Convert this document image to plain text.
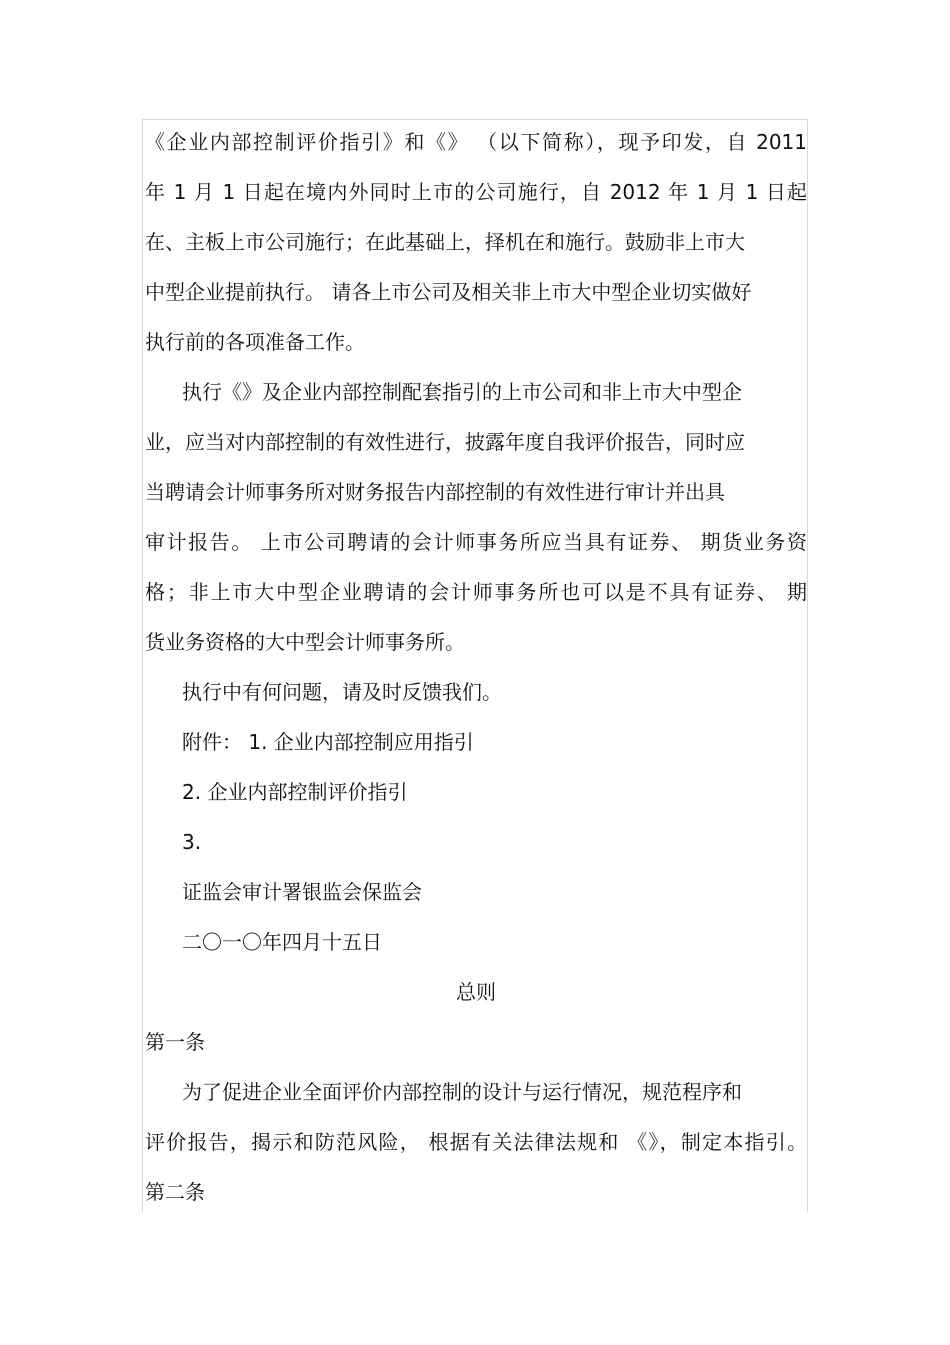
《企业内部控制评价指引》和《》 （以下简称），现予印发，自 2011
年 1 月 1 日起在境内外同时上市的公司施行，自 2012 年 1 月 1 日起
在、主板上市公司施行；在此基础上，择机在和施行。鼓励非上市大
中型企业提前执行。 请各上市公司及相关非上市大中型企业切实做好
执行前的各项准备工作。
执行《》及企业内部控制配套指引的上市公司和非上市大中型企
业，应当对内部控制的有效性进行，披露年度自我评价报告，同时应
当聘请会计师事务所对财务报告内部控制的有效性进行审计并出具
审计报告。 上市公司聘请的会计师事务所应当具有证券、 期货业务资
格；非上市大中型企业聘请的会计师事务所也可以是不具有证券、 期
货业务资格的大中型会计师事务所。
执行中有何问题，请及时反馈我们。
附件： 1. 企业内部控制应用指引
2. 企业内部控制评价指引
3.
证监会审计署银监会保监会
二〇一〇年四月十五日
总则
第一条
为了促进企业全面评价内部控制的设计与运行情况，规范程序和
评价报告，揭示和防范风险， 根据有关法律法规和 《》，制定本指引。
第二条
